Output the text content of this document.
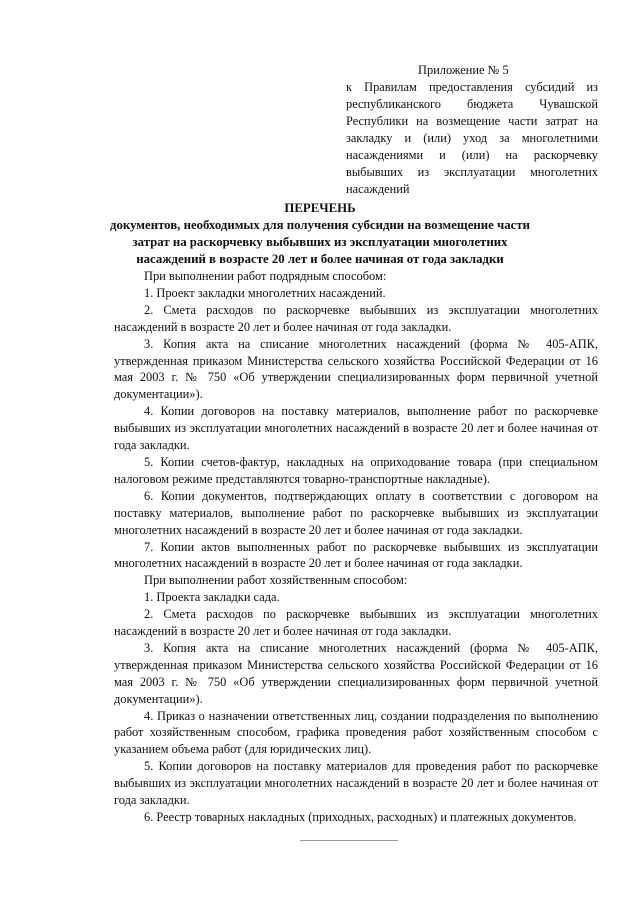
Приложение № 5
к Правилам предоставления субсидий из республиканского бюджета Чувашской Республики на возмещение части затрат на закладку и (или) уход за многолетними насаждениями и (или) на раскорчевку выбывших из эксплуатации многолетних насаждений
ПЕРЕЧЕНЬ
документов, необходимых для получения субсидии на возмещение части затрат на раскорчевку выбывших из эксплуатации многолетних насаждений в возрасте 20 лет и более начиная от года закладки

При выполнении работ подрядным способом:

1. Проект закладки многолетних насаждений.

2. Смета расходов по раскорчевке выбывших из эксплуатации многолетних насаждений в возрасте 20 лет и более начиная от года закладки.

3. Копия акта на списание многолетних насаждений (форма № 405-АПК, утвержденная приказом Министерства сельского хозяйства Российской Федерации от 16 мая 2003 г. № 750 «Об утверждении специализированных форм первичной учетной документации»).

4. Копии договоров на поставку материалов, выполнение работ по раскорчевке выбывших из эксплуатации многолетних насаждений в возрасте 20 лет и более начиная от года закладки.

5. Копии счетов-фактур, накладных на оприходование товара (при специальном налоговом режиме представляются товарно-транспортные накладные).

6. Копии документов, подтверждающих оплату в соответствии с договором на поставку материалов, выполнение работ по раскорчевке выбывших из эксплуатации многолетних насаждений в возрасте 20 лет и более начиная от года закладки.

7. Копии актов выполненных работ по раскорчевке выбывших из эксплуатации многолетних насаждений в возрасте 20 лет и более начиная от года закладки.

При выполнении работ хозяйственным способом:

1. Проекта закладки сада.

2. Смета расходов по раскорчевке выбывших из эксплуатации многолетних насаждений в возрасте 20 лет и более начиная от года закладки.

3. Копия акта на списание многолетних насаждений (форма № 405-АПК, утвержденная приказом Министерства сельского хозяйства Российской Федерации от 16 мая 2003 г. № 750 «Об утверждении специализированных форм первичной учетной документации»).

4. Приказ о назначении ответственных лиц, создании подразделения по выполнению работ хозяйственным способом, графика проведения работ хозяйственным способом с указанием объема работ (для юридических лиц).

5. Копии договоров на поставку материалов для проведения работ по раскорчевке выбывших из эксплуатации многолетних насаждений в возрасте 20 лет и более начиная от года закладки.

6. Реестр товарных накладных (приходных, расходных) и платежных документов.
